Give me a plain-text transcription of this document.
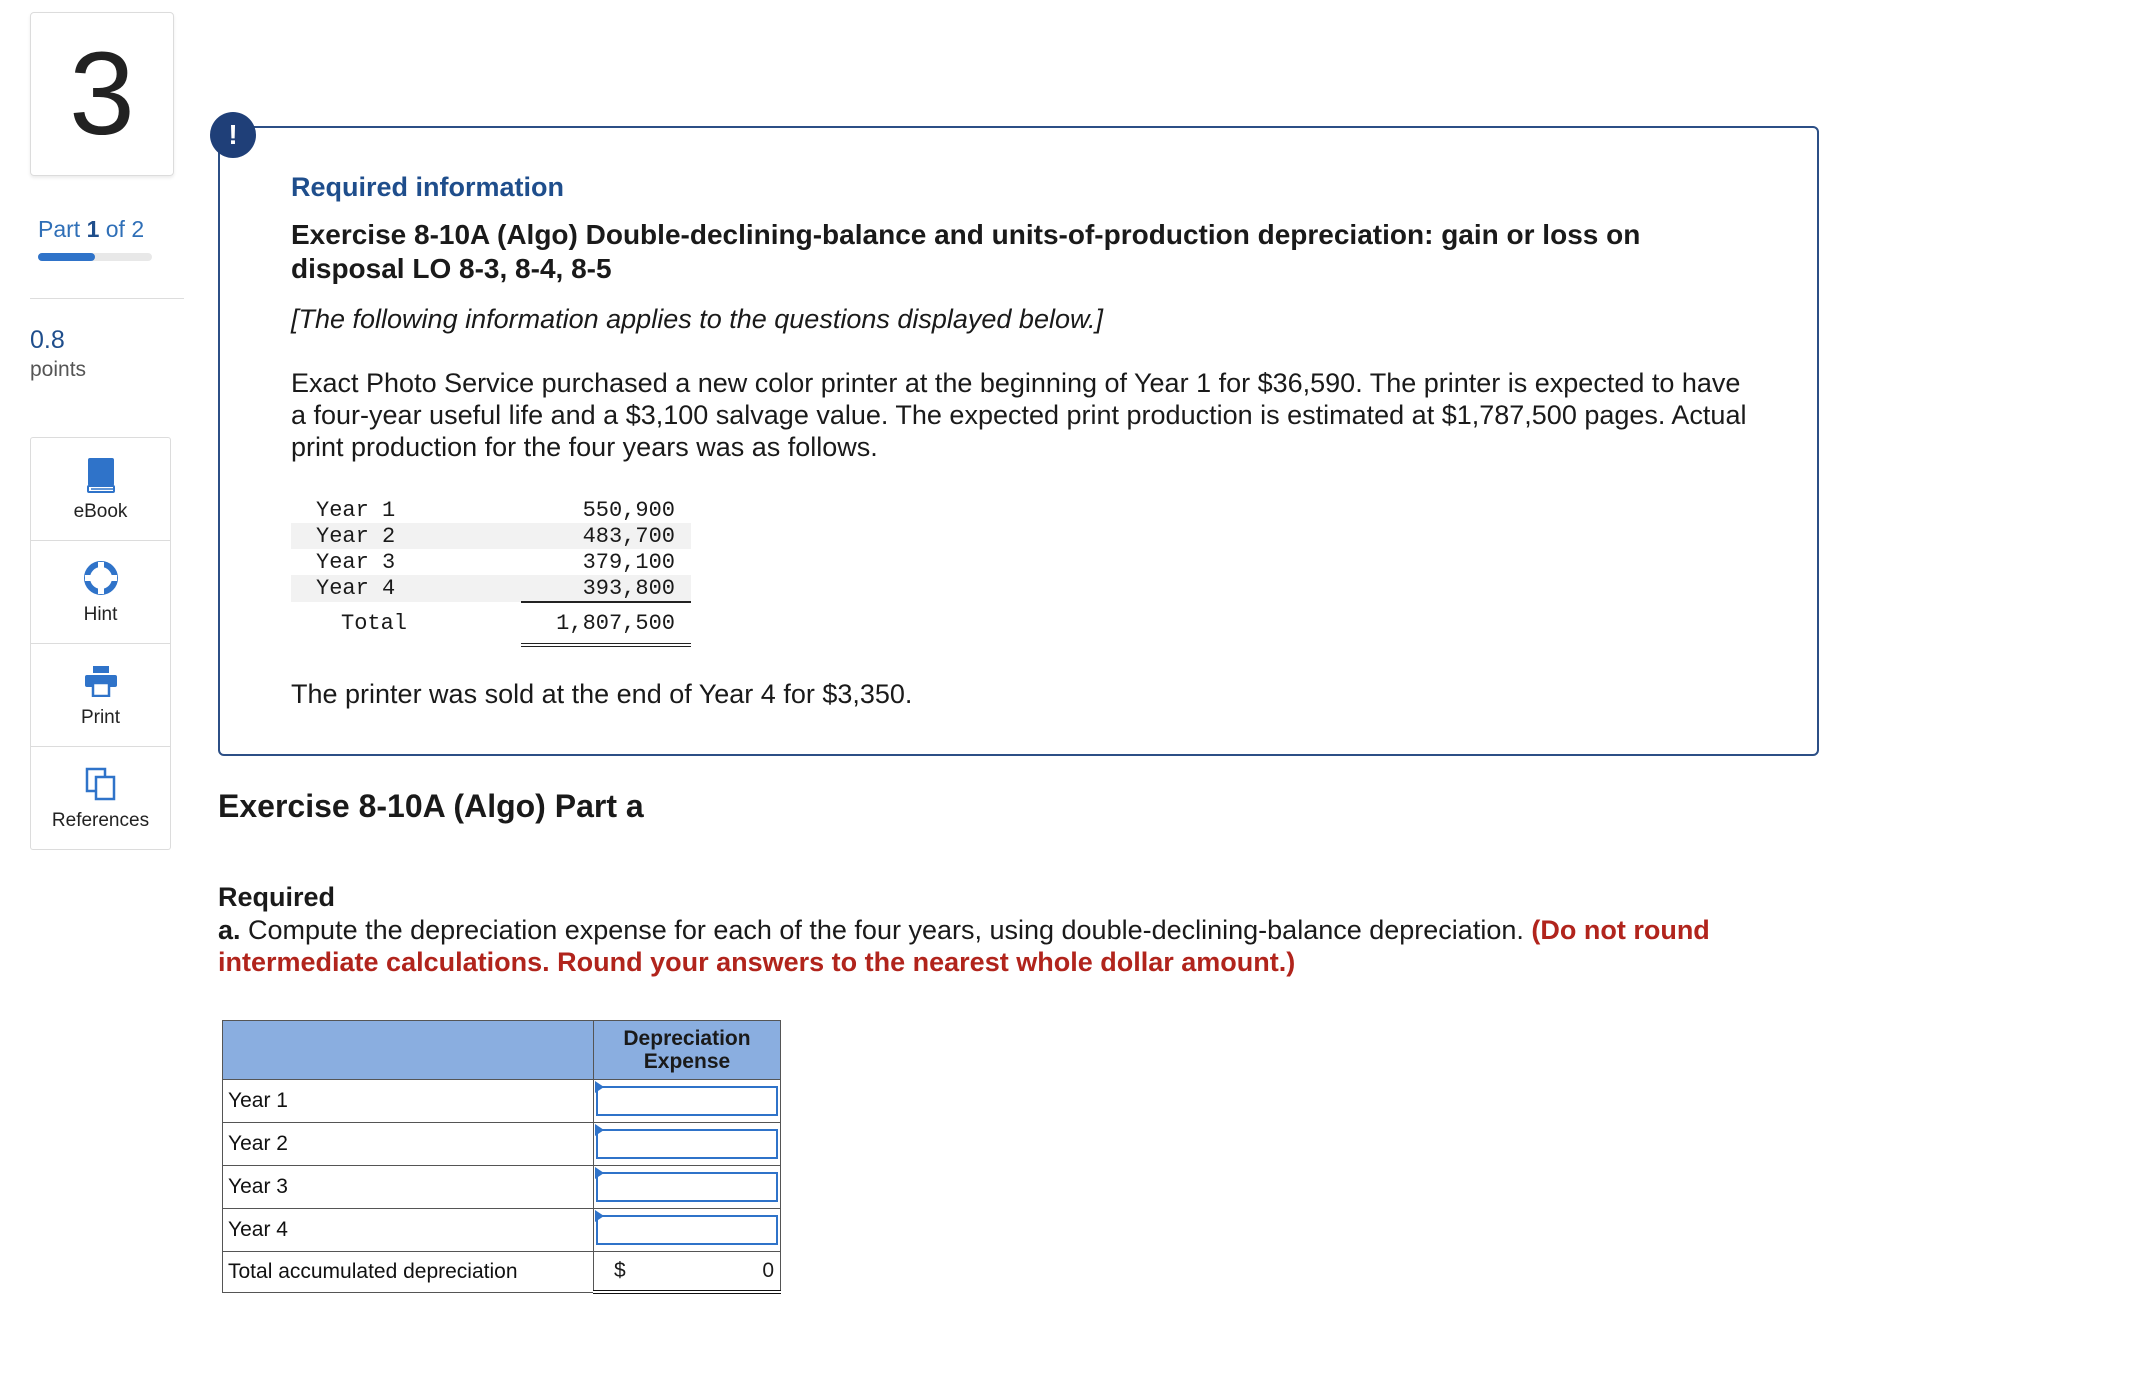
3
Part 1 of 2
0.8
points
eBook
Hint
Print
References
!
Required information
Exercise 8-10A (Algo) Double-declining-balance and units-of-production depreciation: gain or loss on disposal LO 8-3, 8-4, 8-5
[The following information applies to the questions displayed below.]
Exact Photo Service purchased a new color printer at the beginning of Year 1 for $36,590. The printer is expected to have a four-year useful life and a $3,100 salvage value. The expected print production is estimated at $1,787,500 pages. Actual print production for the four years was as follows.
Year 1		550,900
Year 2		483,700
Year 3		379,100
Year 4		393,800
Total		1,807,500
The printer was sold at the end of Year 4 for $3,350.
Exercise 8-10A (Algo) Part a
Required
a. Compute the depreciation expense for each of the four years, using double-declining-balance depreciation. (Do not round intermediate calculations. Round your answers to the nearest whole dollar amount.)
	Depreciation Expense
Year 1	

Year 2	

Year 3	

Year 4	

Total accumulated depreciation	$ 0
